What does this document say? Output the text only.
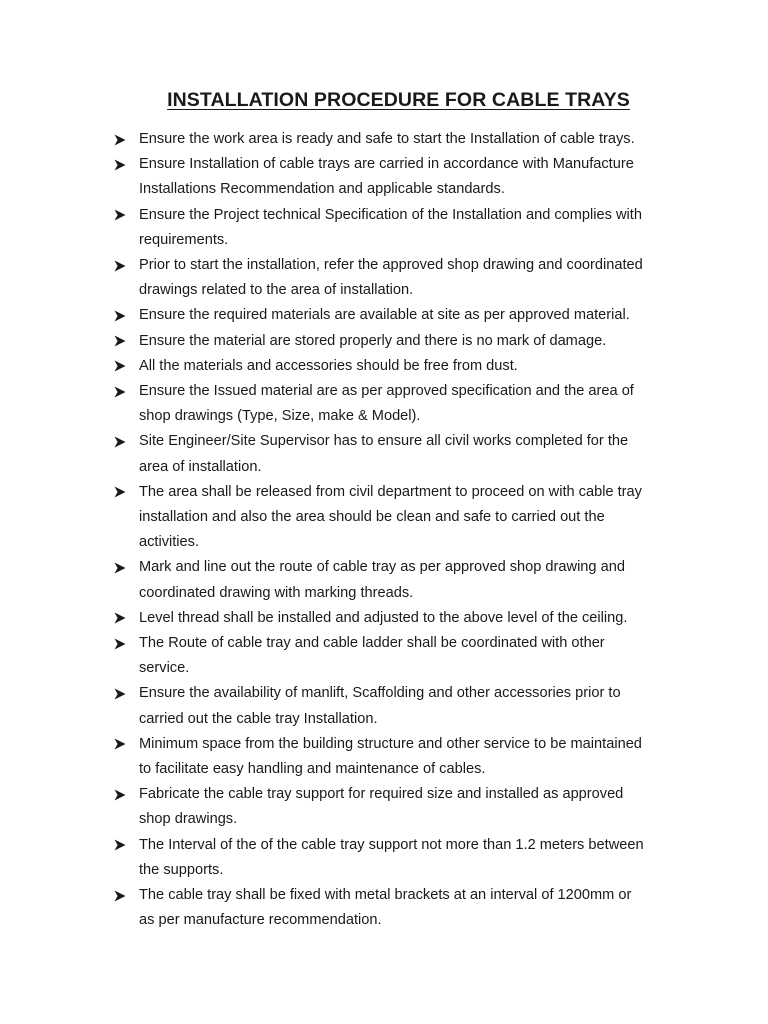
INSTALLATION PROCEDURE FOR CABLE TRAYS
Ensure the work area is ready and safe to start the Installation of cable trays.
Ensure Installation of cable trays are carried in accordance with Manufacture
Installations Recommendation and applicable standards.
Ensure the Project technical Specification of the Installation and complies with
requirements.
Prior to start the installation, refer the approved shop drawing and coordinated
drawings related to the area of installation.
Ensure the required materials are available at site as per approved material.
Ensure the material are stored properly and there is no mark of damage.
All the materials and accessories should be free from dust.
Ensure the Issued material are as per approved specification and the area of
shop drawings (Type, Size, make & Model).
Site Engineer/Site Supervisor has to ensure all civil works completed for the
area of installation.
The area shall be released from civil department to proceed on with cable tray
installation and also the area should be clean and safe to carried out the
activities.
Mark and line out the route of cable tray as per approved shop drawing and
coordinated drawing with marking threads.
Level thread shall be installed and adjusted to the above level of the ceiling.
The Route of cable tray and cable ladder shall be coordinated with other
service.
Ensure the availability of manlift, Scaffolding and other accessories prior to
carried out the cable tray Installation.
Minimum space from the building structure and other service to be maintained
to facilitate easy handling and maintenance of cables.
Fabricate the cable tray support for required size and installed as approved
shop drawings.
The Interval of the of the cable tray support not more than 1.2 meters between
the supports.
The cable tray shall be fixed with metal brackets at an interval of 1200mm or
as per manufacture recommendation.
